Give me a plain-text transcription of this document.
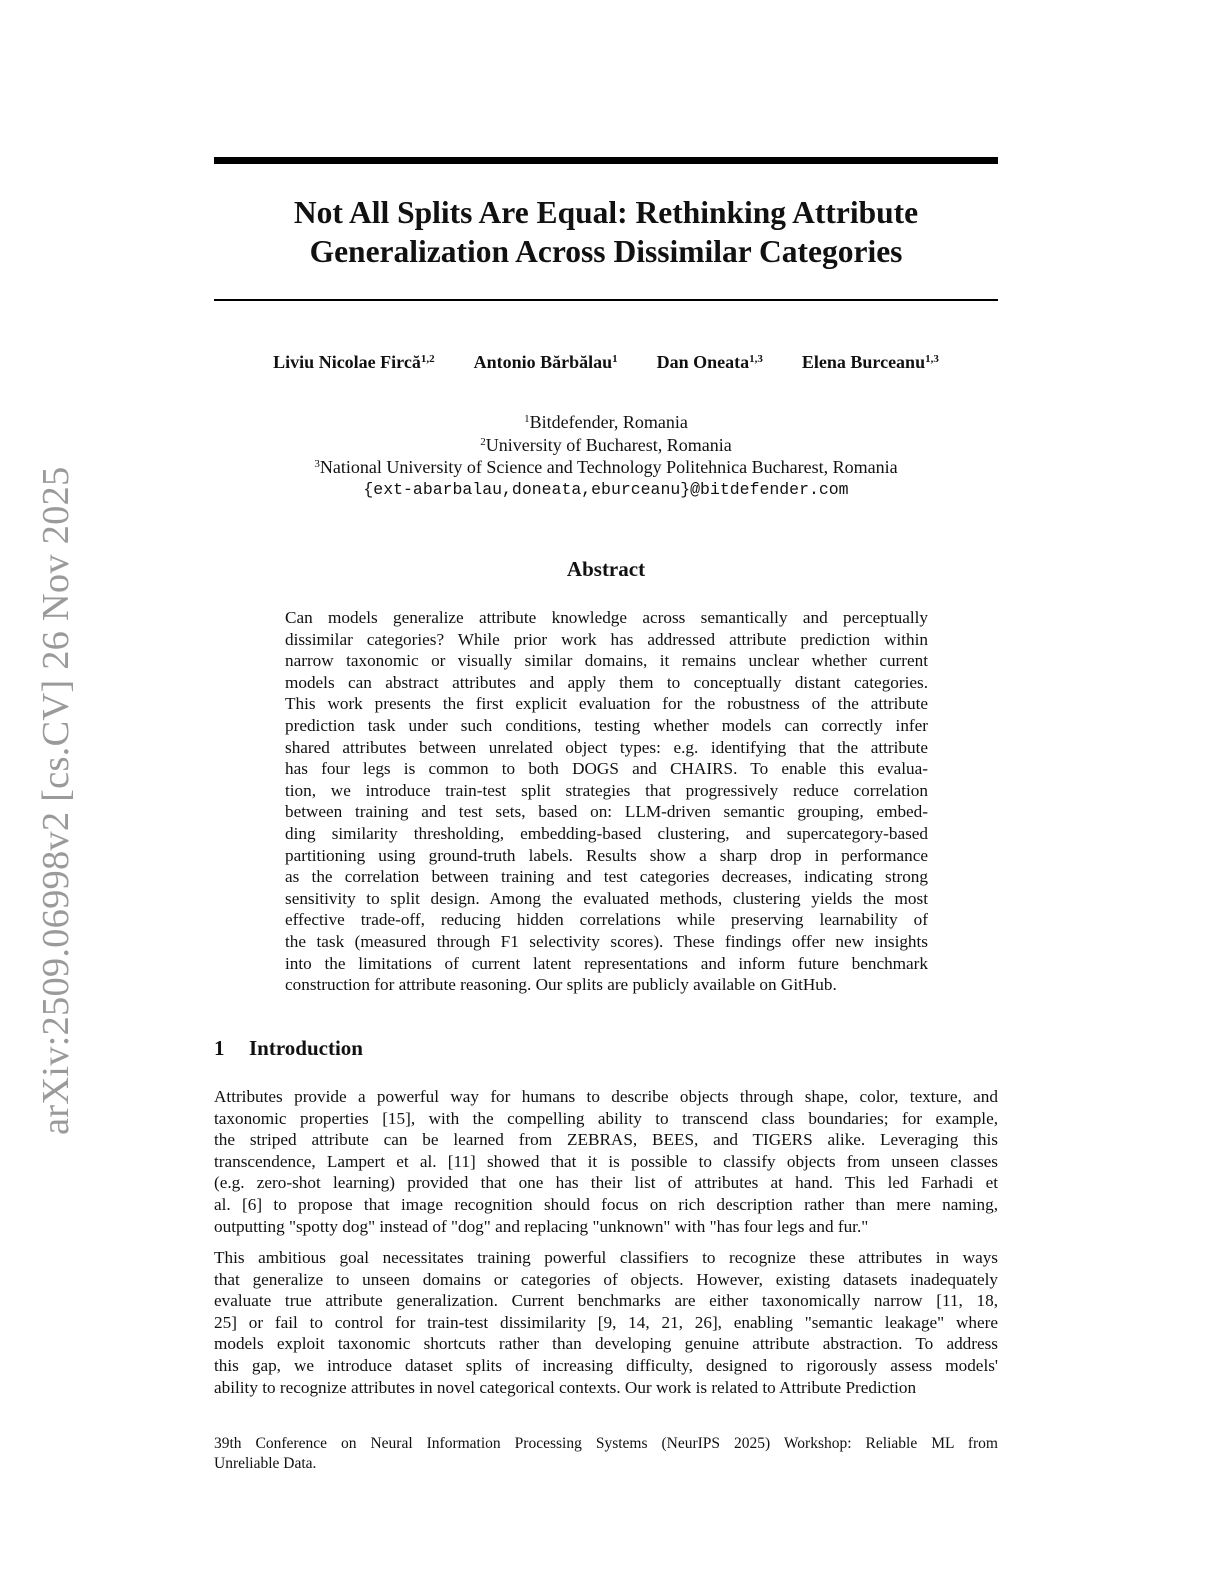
arXiv:2509.06998v2 [cs.CV] 26 Nov 2025
Not All Splits Are Equal: Rethinking Attribute
Generalization Across Dissimilar Categories
Liviu Nicolae Fircă$^{1,2}$ Antonio Bărbălau$^1$ Dan Oneata$^{1,3}$ Elena Burceanu$^{1,3}$
$^1$Bitdefender, Romania
$^2$University of Bucharest, Romania
$^3$National University of Science and Technology Politehnica Bucharest, Romania
{ext-abarbalau,doneata,eburceanu}@bitdefender.com
Abstract
Can models generalize attribute knowledge across semantically and perceptually
dissimilar categories? While prior work has addressed attribute prediction within
narrow taxonomic or visually similar domains, it remains unclear whether current
models can abstract attributes and apply them to conceptually distant categories.
This work presents the first explicit evaluation for the robustness of the attribute
prediction task under such conditions, testing whether models can correctly infer
shared attributes between unrelated object types: e.g. identifying that the attribute
has four legs is common to both DOGS and CHAIRS. To enable this evalua-
tion, we introduce train-test split strategies that progressively reduce correlation
between training and test sets, based on: LLM-driven semantic grouping, embed-
ding similarity thresholding, embedding-based clustering, and supercategory-based
partitioning using ground-truth labels. Results show a sharp drop in performance
as the correlation between training and test categories decreases, indicating strong
sensitivity to split design. Among the evaluated methods, clustering yields the most
effective trade-off, reducing hidden correlations while preserving learnability of
the task (measured through F1 selectivity scores). These findings offer new insights
into the limitations of current latent representations and inform future benchmark
construction for attribute reasoning. Our splits are publicly available on GitHub.
1 Introduction
Attributes provide a powerful way for humans to describe objects through shape, color, texture, and
taxonomic properties [15], with the compelling ability to transcend class boundaries; for example,
the striped attribute can be learned from ZEBRAS, BEES, and TIGERS alike. Leveraging this
transcendence, Lampert et al. [11] showed that it is possible to classify objects from unseen classes
(e.g. zero-shot learning) provided that one has their list of attributes at hand. This led Farhadi et
al. [6] to propose that image recognition should focus on rich description rather than mere naming,
outputting "spotty dog" instead of "dog" and replacing "unknown" with "has four legs and fur."
This ambitious goal necessitates training powerful classifiers to recognize these attributes in ways
that generalize to unseen domains or categories of objects. However, existing datasets inadequately
evaluate true attribute generalization. Current benchmarks are either taxonomically narrow [11, 18,
25] or fail to control for train-test dissimilarity [9, 14, 21, 26], enabling "semantic leakage" where
models exploit taxonomic shortcuts rather than developing genuine attribute abstraction. To address
this gap, we introduce dataset splits of increasing difficulty, designed to rigorously assess models'
ability to recognize attributes in novel categorical contexts. Our work is related to Attribute Prediction
39th Conference on Neural Information Processing Systems (NeurIPS 2025) Workshop: Reliable ML from
Unreliable Data.
